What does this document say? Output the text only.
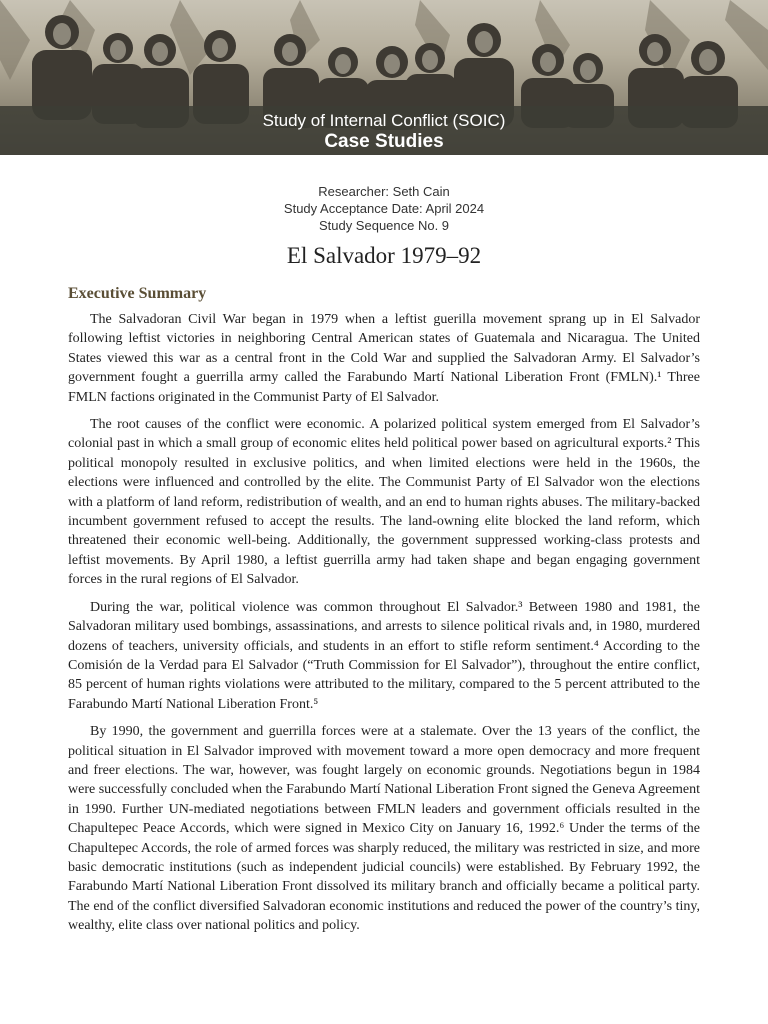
Study of Internal Conflict (SOIC)
Case Studies
Researcher: Seth Cain
Study Acceptance Date: April 2024
Study Sequence No. 9
El Salvador 1979–92
Executive Summary

The Salvadoran Civil War began in 1979 when a leftist guerilla movement sprang up in El Salvador following leftist victories in neighboring Central American states of Guatemala and Nicaragua. The United States viewed this war as a central front in the Cold War and supplied the Salvadoran Army. El Salvador’s government fought a guerrilla army called the Farabundo Martí National Liberation Front (FMLN).¹ Three FMLN factions originated in the Communist Party of El Salvador.

The root causes of the conflict were economic. A polarized political system emerged from El Salvador’s colonial past in which a small group of economic elites held political power based on agricultural exports.² This political monopoly resulted in exclusive politics, and when limited elections were held in the 1960s, the elections were influenced and controlled by the elite. The Communist Party of El Salvador won the elections with a platform of land reform, redistribution of wealth, and an end to human rights abuses. The military-backed incumbent government refused to accept the results. The land-owning elite blocked the land reform, which threatened their economic well-being. Additionally, the government suppressed working-class protests and leftist movements. By April 1980, a leftist guerrilla army had taken shape and began engaging government forces in the rural regions of El Salvador.

During the war, political violence was common throughout El Salvador.³ Between 1980 and 1981, the Salvadoran military used bombings, assassinations, and arrests to silence political rivals and, in 1980, murdered dozens of teachers, university officials, and students in an effort to stifle reform sentiment.⁴ According to the Comisión de la Verdad para El Salvador (“Truth Commission for El Salvador”), throughout the entire conflict, 85 percent of human rights violations were attributed to the military, compared to the 5 percent attributed to the Farabundo Martí National Liberation Front.⁵

By 1990, the government and guerrilla forces were at a stalemate. Over the 13 years of the conflict, the political situation in El Salvador improved with movement toward a more open democracy and more frequent and freer elections. The war, however, was fought largely on economic grounds. Negotiations begun in 1984 were successfully concluded when the Farabundo Martí National Liberation Front signed the Geneva Agreement in 1990. Further UN-mediated negotiations between FMLN leaders and government officials resulted in the Chapultepec Peace Accords, which were signed in Mexico City on January 16, 1992.⁶ Under the terms of the Chapultepec Accords, the role of armed forces was sharply reduced, the military was restricted in size, and more basic democratic institutions (such as independent judicial councils) were established. By February 1992, the Farabundo Martí National Liberation Front dissolved its military branch and officially became a political party. The end of the conflict diversified Salvadoran economic institutions and reduced the power of the country’s tiny, wealthy, elite class over national politics and policy.
